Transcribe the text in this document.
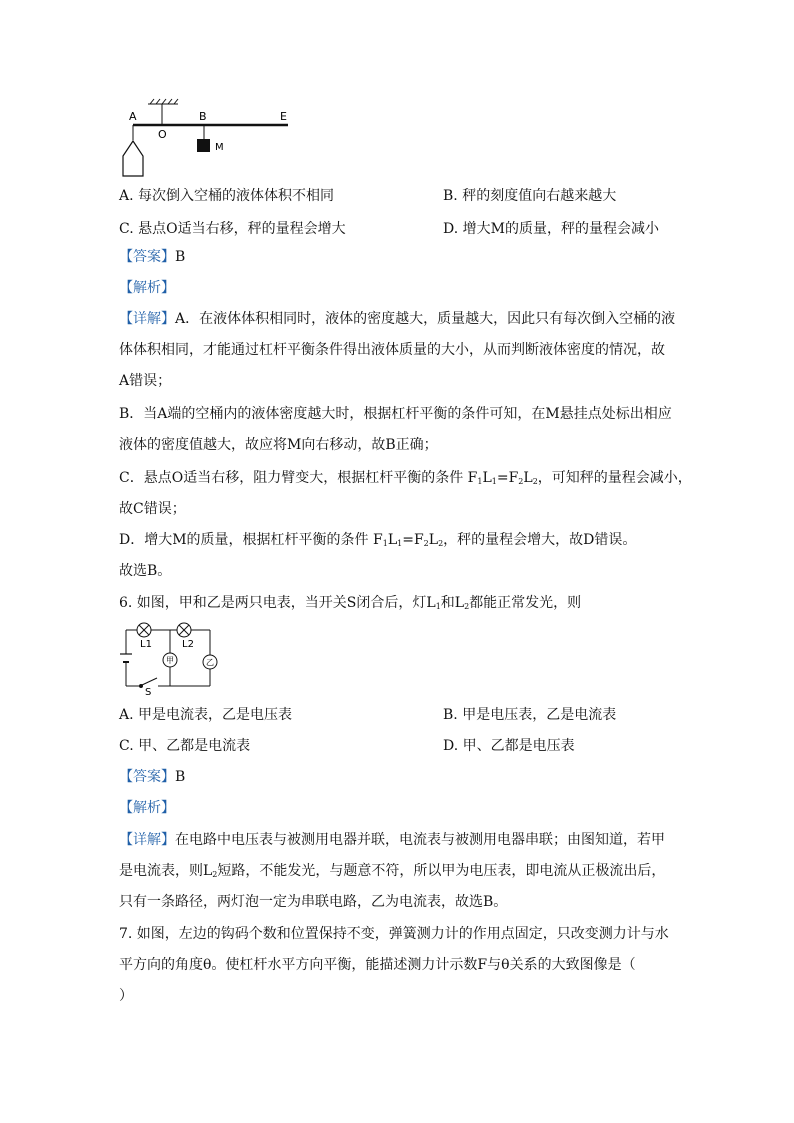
A
O
B	E
M
A. 每次倒入空桶的液体体积不相同	B. 秤的刻度值向右越来越大
C. 悬点O适当右移，秤的量程会增大	D. 增大M的质量，秤的量程会减小
【答案】B
【解析】
【详解】A．在液体体积相同时，液体的密度越大，质量越大，因此只有每次倒入空桶的液
体体积相同，才能通过杠杆平衡条件得出液体质量的大小，从而判断液体密度的情况，故
A错误；
B．当A端的空桶内的液体密度越大时，根据杠杆平衡的条件可知，在M悬挂点处标出相应
液体的密度值越大，故应将M向右移动，故B正确；
C．悬点O适当右移，阻力臂变大，根据杠杆平衡的条件 $F_1L_1=F_2L_2$，可知秤的量程会减小，
故C错误；
D．增大M的质量，根据杠杆平衡的条件 $F_1L_1=F_2L_2$，秤的量程会增大，故D错误。
故选B。
6. 如图，甲和乙是两只电表，当开关S闭合后，灯$L_1$和$L_2$都能正常发光，则
L1	L2
甲	乙
S
A. 甲是电流表，乙是电压表	B. 甲是电压表，乙是电流表
C. 甲、乙都是电流表	D. 甲、乙都是电压表
【答案】B
【解析】
【详解】在电路中电压表与被测用电器并联，电流表与被测用电器串联；由图知道，若甲
是电流表，则$L_2$短路，不能发光，与题意不符，所以甲为电压表，即电流从正极流出后，
只有一条路径，两灯泡一定为串联电路，乙为电流表，故选B。
7. 如图，左边的钩码个数和位置保持不变，弹簧测力计的作用点固定，只改变测力计与水
平方向的角度θ。使杠杆水平方向平衡，能描述测力计示数F与θ关系的大致图像是（
）
